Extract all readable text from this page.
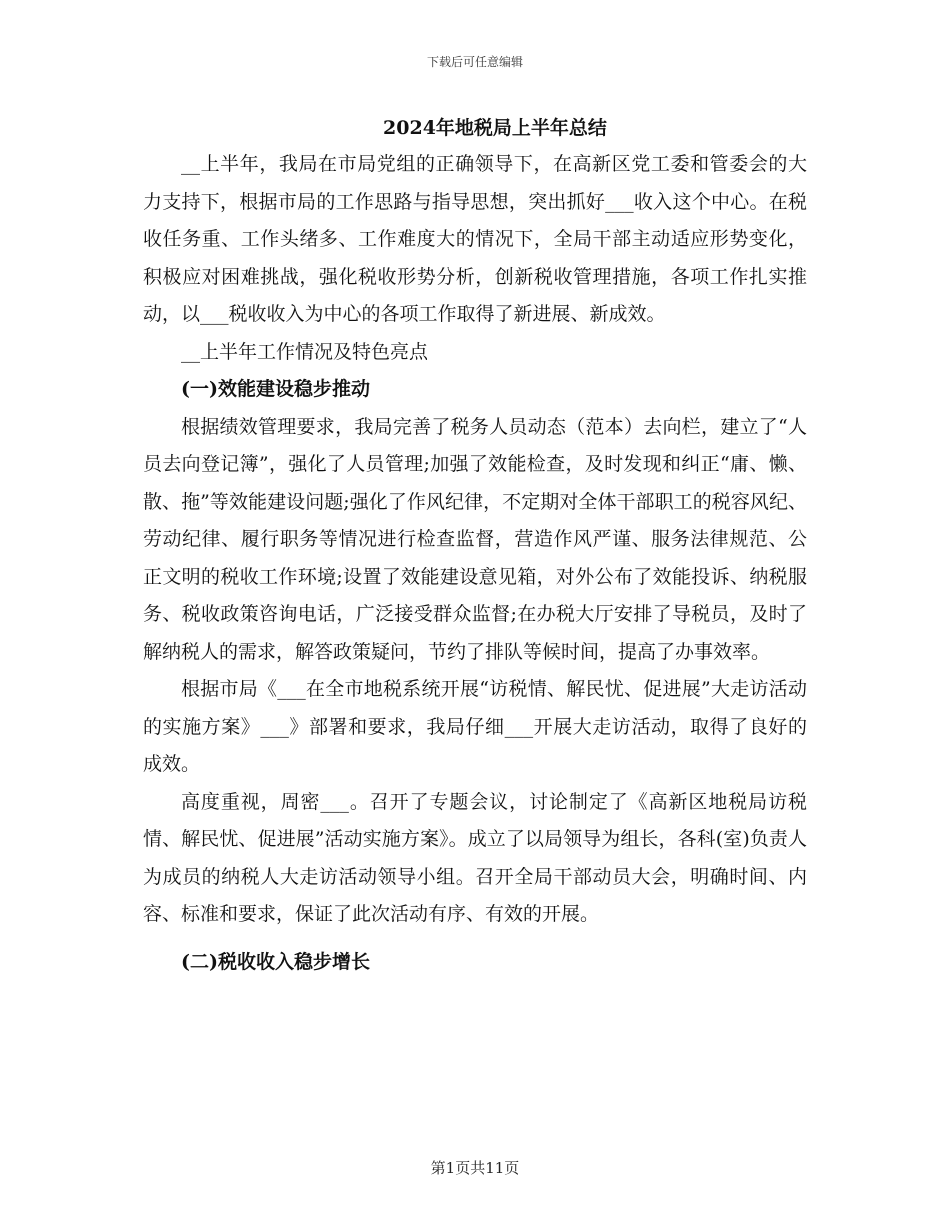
下载后可任意编辑
2024年地税局上半年总结

__上半年，我局在市局党组的正确领导下，在高新区党工委和管委会的大力支持下，根据市局的工作思路与指导思想，突出抓好___收入这个中心。在税收任务重、工作头绪多、工作难度大的情况下，全局干部主动适应形势变化，积极应对困难挑战，强化税收形势分析，创新税收管理措施，各项工作扎实推动，以___税收收入为中心的各项工作取得了新进展、新成效。

__上半年工作情况及特色亮点

(一)效能建设稳步推动

根据绩效管理要求，我局完善了税务人员动态（范本）去向栏，建立了“人员去向登记簿”，强化了人员管理;加强了效能检查，及时发现和纠正“庸、懒、散、拖”等效能建设问题;强化了作风纪律，不定期对全体干部职工的税容风纪、劳动纪律、履行职务等情况进行检查监督，营造作风严谨、服务法律规范、公正文明的税收工作环境;设置了效能建设意见箱，对外公布了效能投诉、纳税服务、税收政策咨询电话，广泛接受群众监督;在办税大厅安排了导税员，及时了解纳税人的需求，解答政策疑问，节约了排队等候时间，提高了办事效率。

根据市局《___在全市地税系统开展“访税情、解民忧、促进展”大走访活动的实施方案》___》部署和要求，我局仔细___开展大走访活动，取得了良好的成效。

高度重视，周密___。召开了专题会议，讨论制定了《高新区地税局访税情、解民忧、促进展”活动实施方案》。成立了以局领导为组长，各科(室)负责人为成员的纳税人大走访活动领导小组。召开全局干部动员大会，明确时间、内容、标准和要求，保证了此次活动有序、有效的开展。

(二)税收收入稳步增长

第1页共11页
